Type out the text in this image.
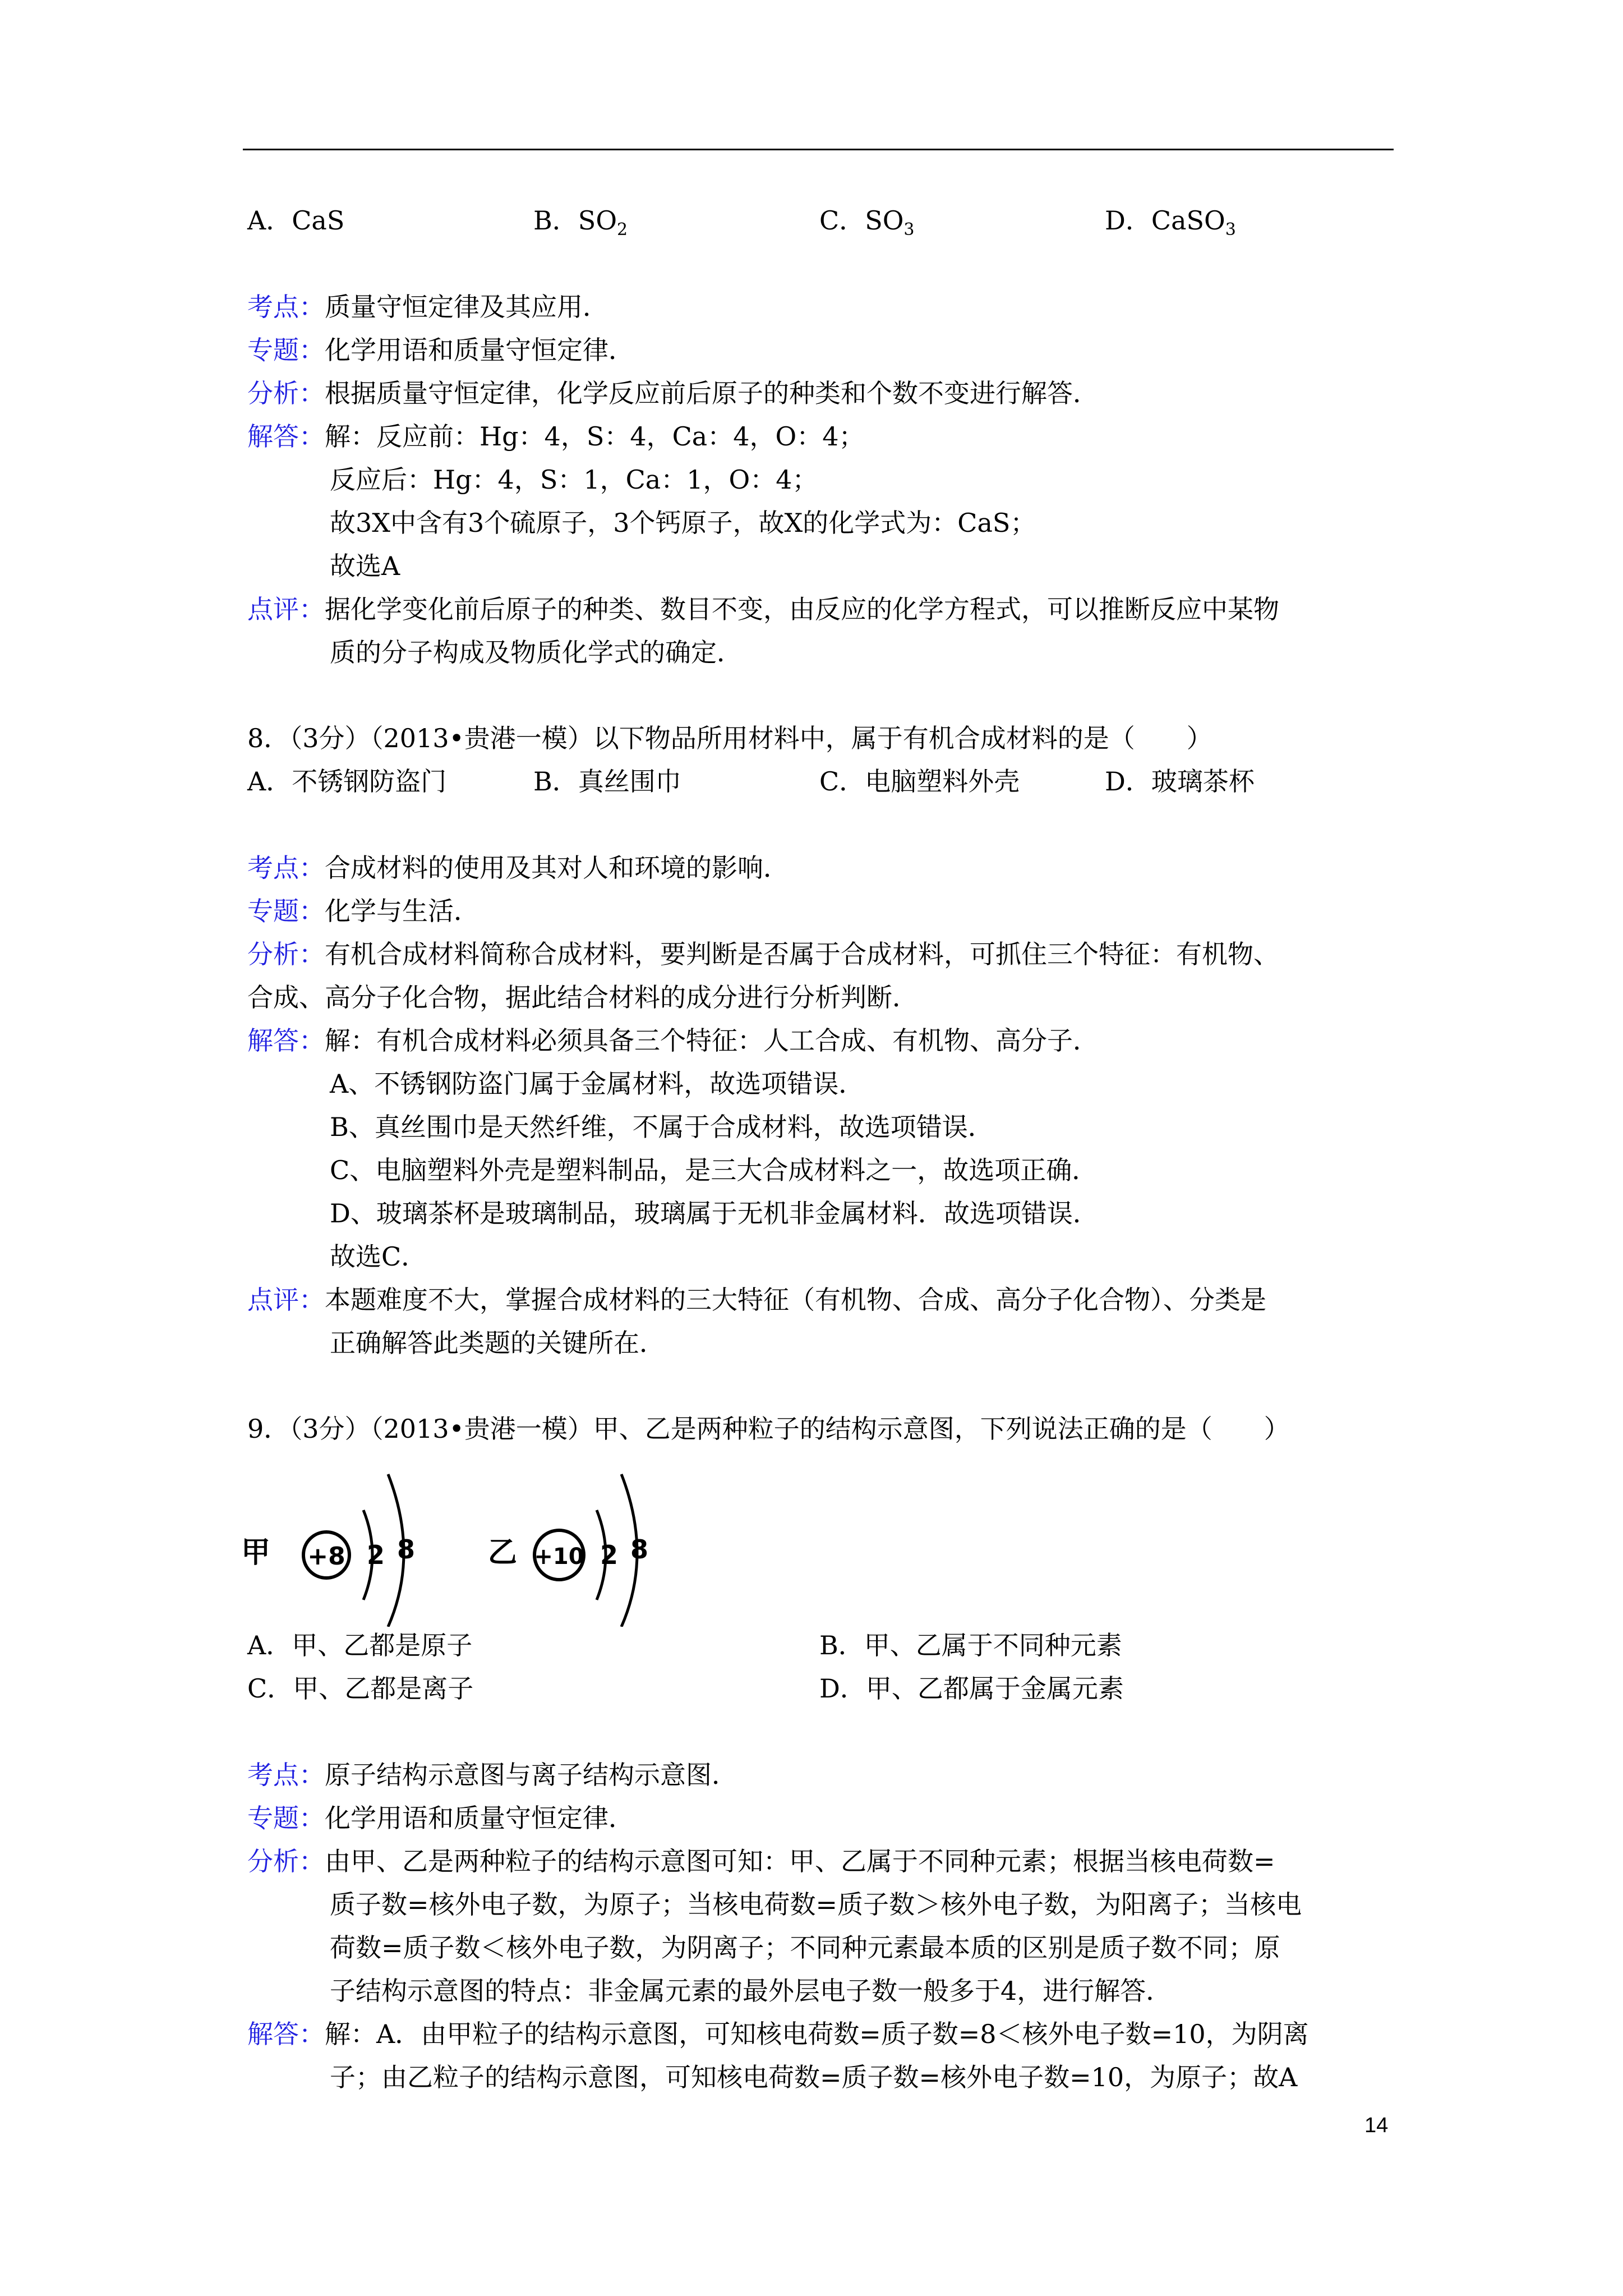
A．CaS	B．$SO_2$	C．$SO_3$	D．CaSO$_3$
考点：质量守恒定律及其应用．
专题：化学用语和质量守恒定律．
分析：根据质量守恒定律，化学反应前后原子的种类和个数不变进行解答．
解答：解：反应前：Hg：4，S：4，Ca：4，O：4；
反应后：Hg：4，S：1，Ca：1，O：4；
故3X中含有3个硫原子，3个钙原子，故X的化学式为：CaS；
故选A
点评：据化学变化前后原子的种类、数目不变，由反应的化学方程式，可以推断反应中某物
质的分子构成及物质化学式的确定．
8．（3分）（2013•贵港一模）以下物品所用材料中，属于有机合成材料的是（　　）
A．不锈钢防盗门	B．真丝围巾	C．电脑塑料外壳	D．玻璃茶杯
考点：合成材料的使用及其对人和环境的影响．
专题：化学与生活．
分析：有机合成材料简称合成材料，要判断是否属于合成材料，可抓住三个特征：有机物、
合成、高分子化合物，据此结合材料的成分进行分析判断．
解答：解：有机合成材料必须具备三个特征：人工合成、有机物、高分子．
A、不锈钢防盗门属于金属材料，故选项错误．
B、真丝围巾是天然纤维，不属于合成材料，故选项错误．
C、电脑塑料外壳是塑料制品，是三大合成材料之一，故选项正确．
D、玻璃茶杯是玻璃制品，玻璃属于无机非金属材料．故选项错误．
故选C．
点评：本题难度不大，掌握合成材料的三大特征（有机物、合成、高分子化合物）、分类是
正确解答此类题的关键所在．
9．（3分）（2013•贵港一模）甲、乙是两种粒子的结构示意图，下列说法正确的是（　　）
甲 +8 2 8 乙 +10 2 8
A．甲、乙都是原子	B．甲、乙属于不同种元素
C．甲、乙都是离子	D．甲、乙都属于金属元素
考点：原子结构示意图与离子结构示意图．
专题：化学用语和质量守恒定律．
分析：由甲、乙是两种粒子的结构示意图可知：甲、乙属于不同种元素；根据当核电荷数=
质子数=核外电子数，为原子；当核电荷数=质子数＞核外电子数，为阳离子；当核电
荷数=质子数＜核外电子数，为阴离子；不同种元素最本质的区别是质子数不同；原
子结构示意图的特点：非金属元素的最外层电子数一般多于4，进行解答．
解答：解：A．由甲粒子的结构示意图，可知核电荷数=质子数=8＜核外电子数=10，为阴离
子；由乙粒子的结构示意图，可知核电荷数=质子数=核外电子数=10，为原子；故A
14
